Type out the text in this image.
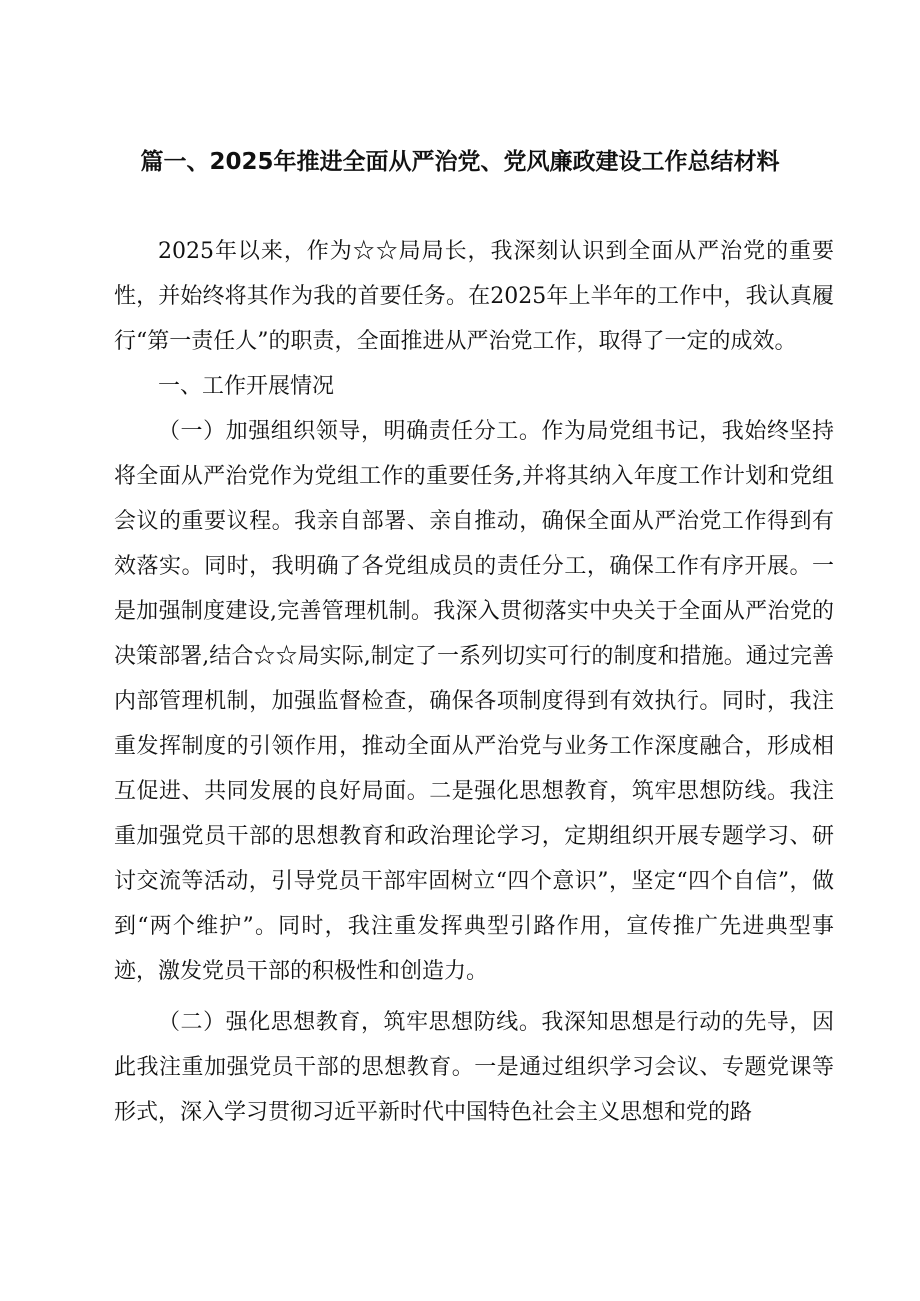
篇一、2025年推进全面从严治党、党风廉政建设工作总结材料

2025年以来，作为☆☆局局长，我深刻认识到全面从严治党的重要性，并始终将其作为我的首要任务。在2025年上半年的工作中，我认真履行“第一责任人”的职责，全面推进从严治党工作，取得了一定的成效。

一、工作开展情况

（一）加强组织领导，明确责任分工。作为局党组书记，我始终坚持将全面从严治党作为党组工作的重要任务,并将其纳入年度工作计划和党组会议的重要议程。我亲自部署、亲自推动，确保全面从严治党工作得到有效落实。同时，我明确了各党组成员的责任分工，确保工作有序开展。一是加强制度建设,完善管理机制。我深入贯彻落实中央关于全面从严治党的决策部署,结合☆☆局实际,制定了一系列切实可行的制度和措施。通过完善内部管理机制，加强监督检查，确保各项制度得到有效执行。同时，我注重发挥制度的引领作用，推动全面从严治党与业务工作深度融合，形成相互促进、共同发展的良好局面。二是强化思想教育，筑牢思想防线。我注重加强党员干部的思想教育和政治理论学习，定期组织开展专题学习、研讨交流等活动，引导党员干部牢固树立“四个意识”，坚定“四个自信”，做到“两个维护”。同时，我注重发挥典型引路作用，宣传推广先进典型事迹，激发党员干部的积极性和创造力。

（二）强化思想教育，筑牢思想防线。我深知思想是行动的先导，因此我注重加强党员干部的思想教育。一是通过组织学习会议、专题党课等形式，深入学习贯彻习近平新时代中国特色社会主义思想和党的路
